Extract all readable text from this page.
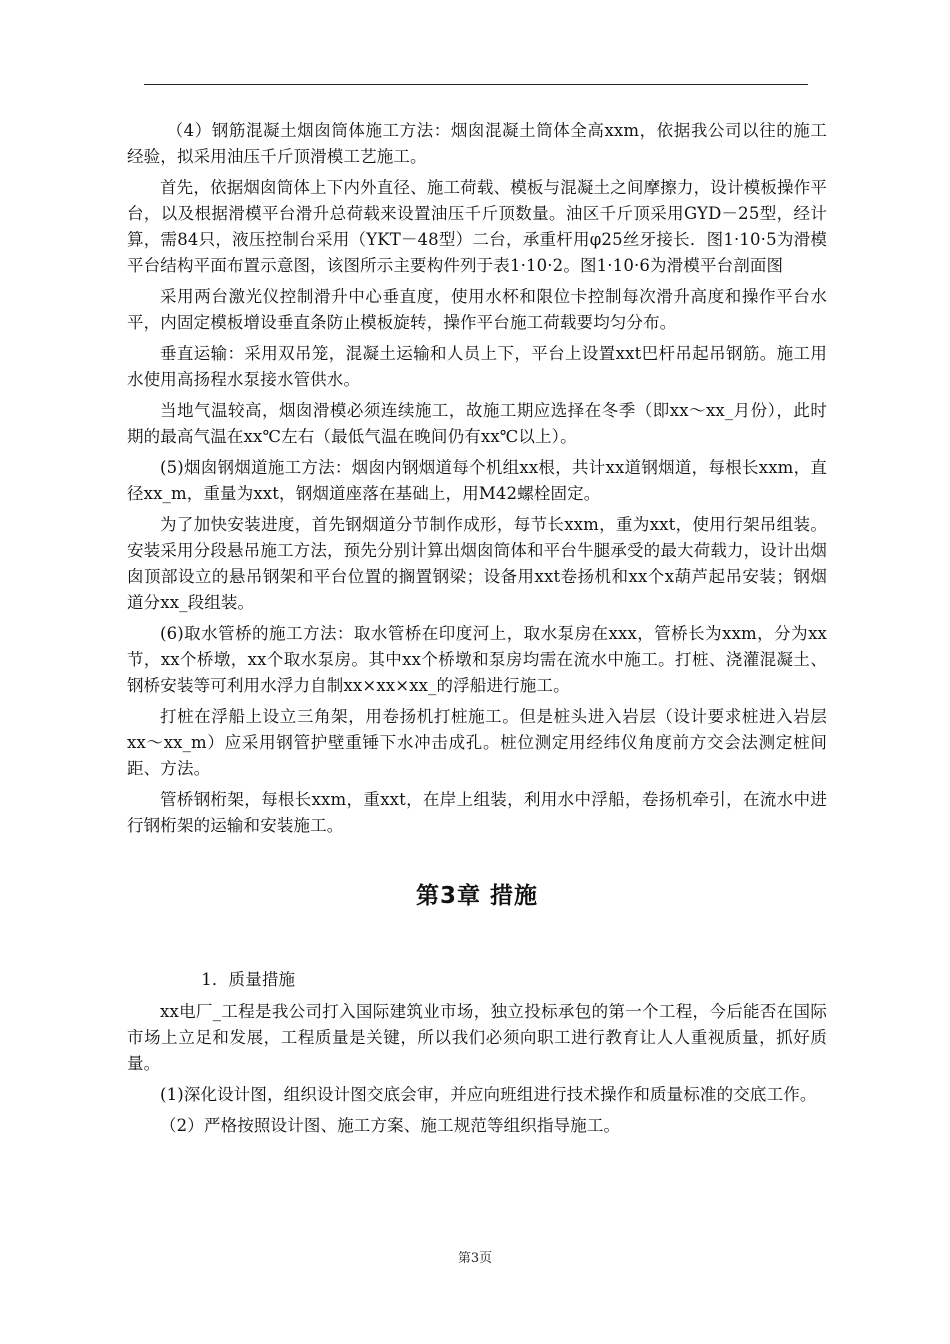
（4）钢筋混凝土烟囱筒体施工方法：烟囱混凝土筒体全高xxm，依据我公司以往的施工经验，拟采用油压千斤顶滑模工艺施工。

首先，依据烟囱筒体上下内外直径、施工荷载、模板与混凝土之间摩擦力，设计模板操作平台，以及根据滑模平台滑升总荷载来设置油压千斤顶数量。油区千斤顶采用GYD－25型，经计算，需84只，液压控制台采用（YKT－48型）二台，承重杆用φ25丝牙接长．图1·10·5为滑模平台结构平面布置示意图，该图所示主要构件列于表1·10·2。图1·10·6为滑模平台剖面图

采用两台激光仪控制滑升中心垂直度，使用水杯和限位卡控制每次滑升高度和操作平台水平，内固定模板增设垂直条防止模板旋转，操作平台施工荷载要均匀分布。

垂直运输：采用双吊笼，混凝土运输和人员上下，平台上设置xxt巴杆吊起吊钢筋。施工用水使用高扬程水泵接水管供水。

当地气温较高，烟囱滑模必须连续施工，故施工期应选择在冬季（即xx～xx_月份），此时期的最高气温在xx℃左右（最低气温在晚间仍有xx℃以上）。

(5)烟囱钢烟道施工方法：烟囱内钢烟道每个机组xx根，共计xx道钢烟道，每根长xxm，直径xx_m，重量为xxt，钢烟道座落在基础上，用M42螺栓固定。

为了加快安装进度，首先钢烟道分节制作成形，每节长xxm，重为xxt，使用行架吊组装。安装采用分段悬吊施工方法，预先分别计算出烟囱筒体和平台牛腿承受的最大荷载力，设计出烟囱顶部设立的悬吊钢架和平台位置的搁置钢梁；设备用xxt卷扬机和xx个x葫芦起吊安装；钢烟道分xx_段组装。

(6)取水管桥的施工方法：取水管桥在印度河上，取水泵房在xxx，管桥长为xxm，分为xx节，xx个桥墩，xx个取水泵房。其中xx个桥墩和泵房均需在流水中施工。打桩、浇灌混凝土、钢桥安装等可利用水浮力自制xx×xx×xx_的浮船进行施工。

打桩在浮船上设立三角架，用卷扬机打桩施工。但是桩头进入岩层（设计要求桩进入岩层xx～xx_m）应采用钢管护壁重锤下水冲击成孔。桩位测定用经纬仪角度前方交会法测定桩间距、方法。

管桥钢桁架，每根长xxm，重xxt，在岸上组装，利用水中浮船，卷扬机牵引，在流水中进行钢桁架的运输和安装施工。

第3章 措施

1．质量措施

xx电厂_工程是我公司打入国际建筑业市场，独立投标承包的第一个工程，今后能否在国际市场上立足和发展，工程质量是关键，所以我们必须向职工进行教育让人人重视质量，抓好质量。

(1)深化设计图，组织设计图交底会审，并应向班组进行技术操作和质量标准的交底工作。

（2）严格按照设计图、施工方案、施工规范等组织指导施工。

第3页
